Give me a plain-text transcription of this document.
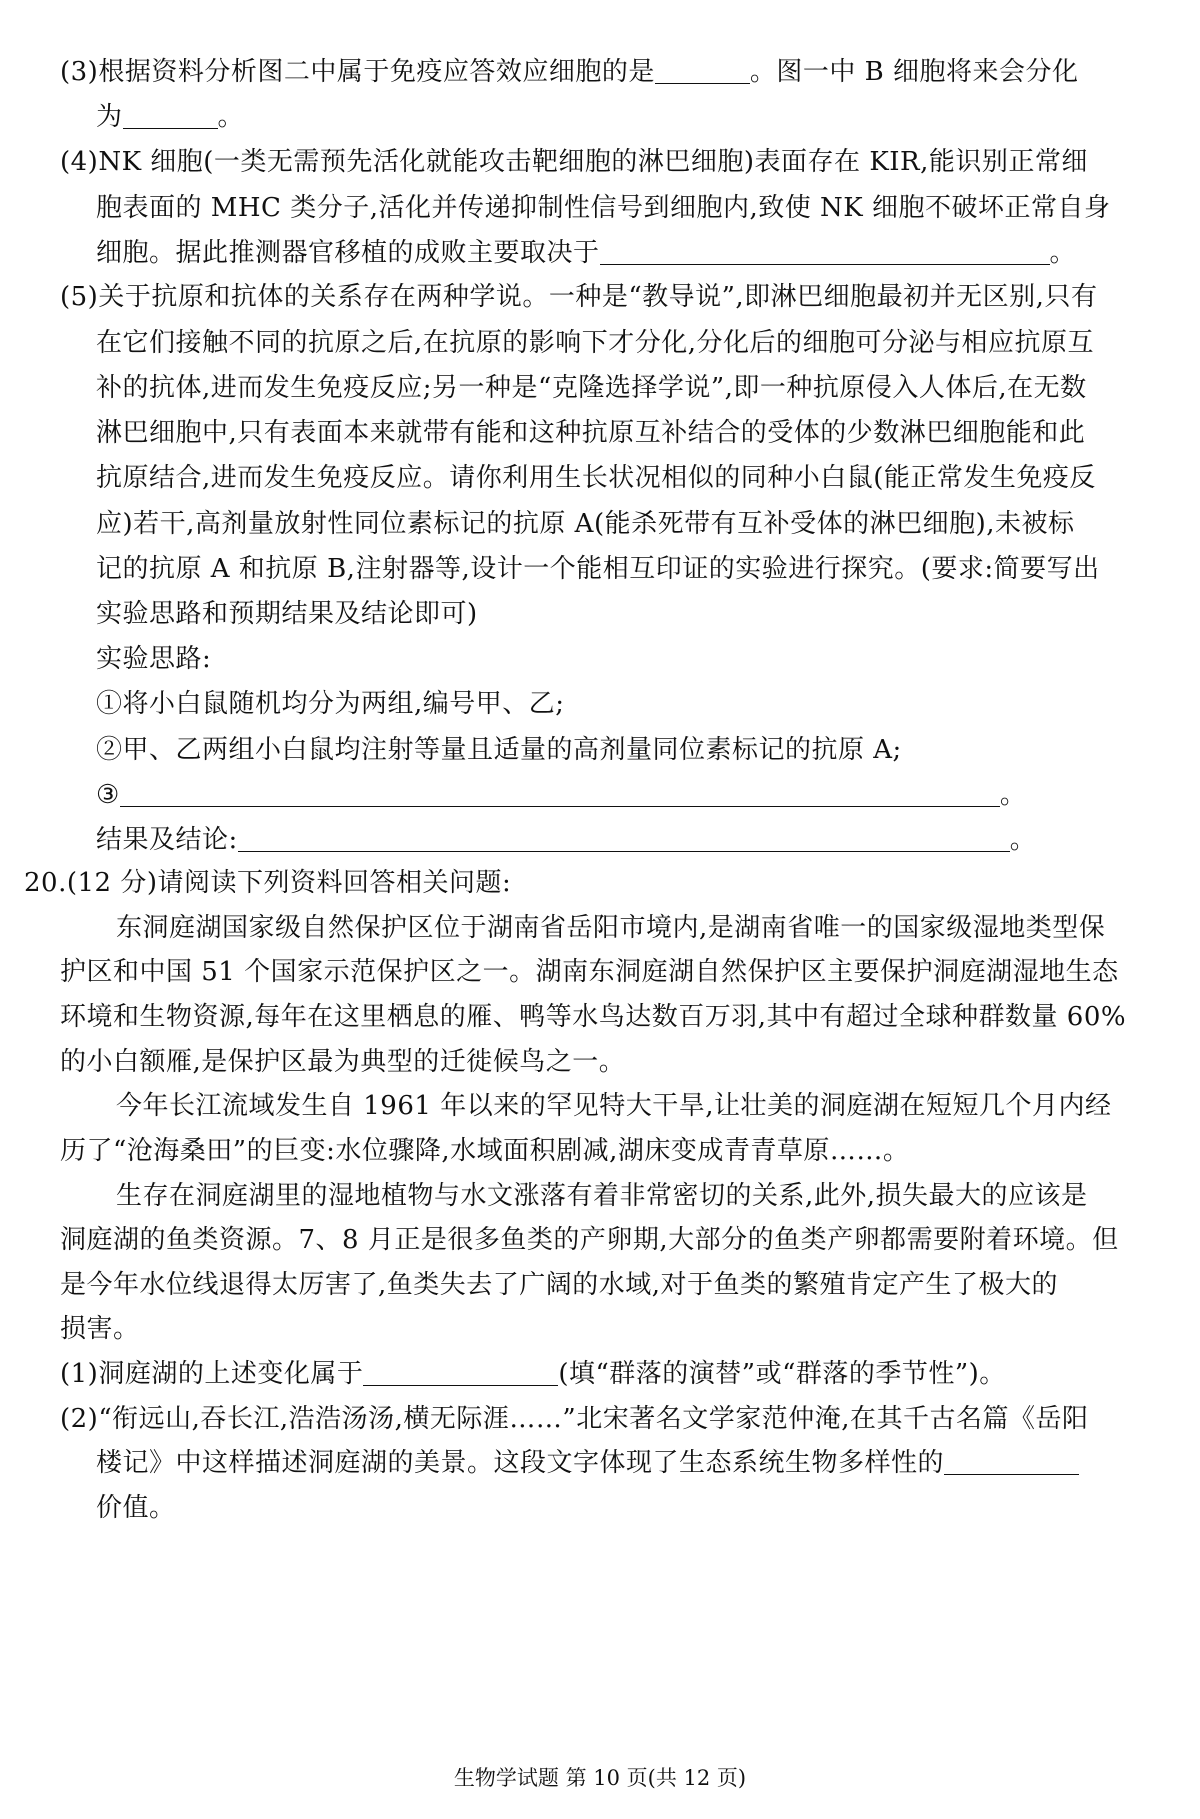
(3)根据资料分析图二中属于免疫应答效应细胞的是	。图一中 B 细胞将来会分化
为	。
(4)NK 细胞(一类无需预先活化就能攻击靶细胞的淋巴细胞)表面存在 KIR,能识别正常细
胞表面的 MHC 类分子,活化并传递抑制性信号到细胞内,致使 NK 细胞不破坏正常自身
细胞。据此推测器官移植的成败主要取决于	。
(5)关于抗原和抗体的关系存在两种学说。一种是“教导说”,即淋巴细胞最初并无区别,只有
在它们接触不同的抗原之后,在抗原的影响下才分化,分化后的细胞可分泌与相应抗原互
补的抗体,进而发生免疫反应;另一种是“克隆选择学说”,即一种抗原侵入人体后,在无数
淋巴细胞中,只有表面本来就带有能和这种抗原互补结合的受体的少数淋巴细胞能和此
抗原结合,进而发生免疫反应。请你利用生长状况相似的同种小白鼠(能正常发生免疫反
应)若干,高剂量放射性同位素标记的抗原 A(能杀死带有互补受体的淋巴细胞),未被标
记的抗原 A 和抗原 B,注射器等,设计一个能相互印证的实验进行探究。(要求:简要写出
实验思路和预期结果及结论即可)
实验思路:
①将小白鼠随机均分为两组,编号甲、乙;
②甲、乙两组小白鼠均注射等量且适量的高剂量同位素标记的抗原 A;
③	。
结果及结论:	。
20.(12 分)请阅读下列资料回答相关问题:
东洞庭湖国家级自然保护区位于湖南省岳阳市境内,是湖南省唯一的国家级湿地类型保
护区和中国 51 个国家示范保护区之一。湖南东洞庭湖自然保护区主要保护洞庭湖湿地生态
环境和生物资源,每年在这里栖息的雁、鸭等水鸟达数百万羽,其中有超过全球种群数量 60%
的小白额雁,是保护区最为典型的迁徙候鸟之一。
今年长江流域发生自 1961 年以来的罕见特大干旱,让壮美的洞庭湖在短短几个月内经
历了“沧海桑田”的巨变:水位骤降,水域面积剧减,湖床变成青青草原……。
生存在洞庭湖里的湿地植物与水文涨落有着非常密切的关系,此外,损失最大的应该是
洞庭湖的鱼类资源。7、8 月正是很多鱼类的产卵期,大部分的鱼类产卵都需要附着环境。但
是今年水位线退得太厉害了,鱼类失去了广阔的水域,对于鱼类的繁殖肯定产生了极大的
损害。
(1)洞庭湖的上述变化属于	(填“群落的演替”或“群落的季节性”)。
(2)“衔远山,吞长江,浩浩汤汤,横无际涯……”北宋著名文学家范仲淹,在其千古名篇《岳阳
楼记》中这样描述洞庭湖的美景。这段文字体现了生态系统生物多样性的
价值。
生物学试题 第 10 页(共 12 页)
